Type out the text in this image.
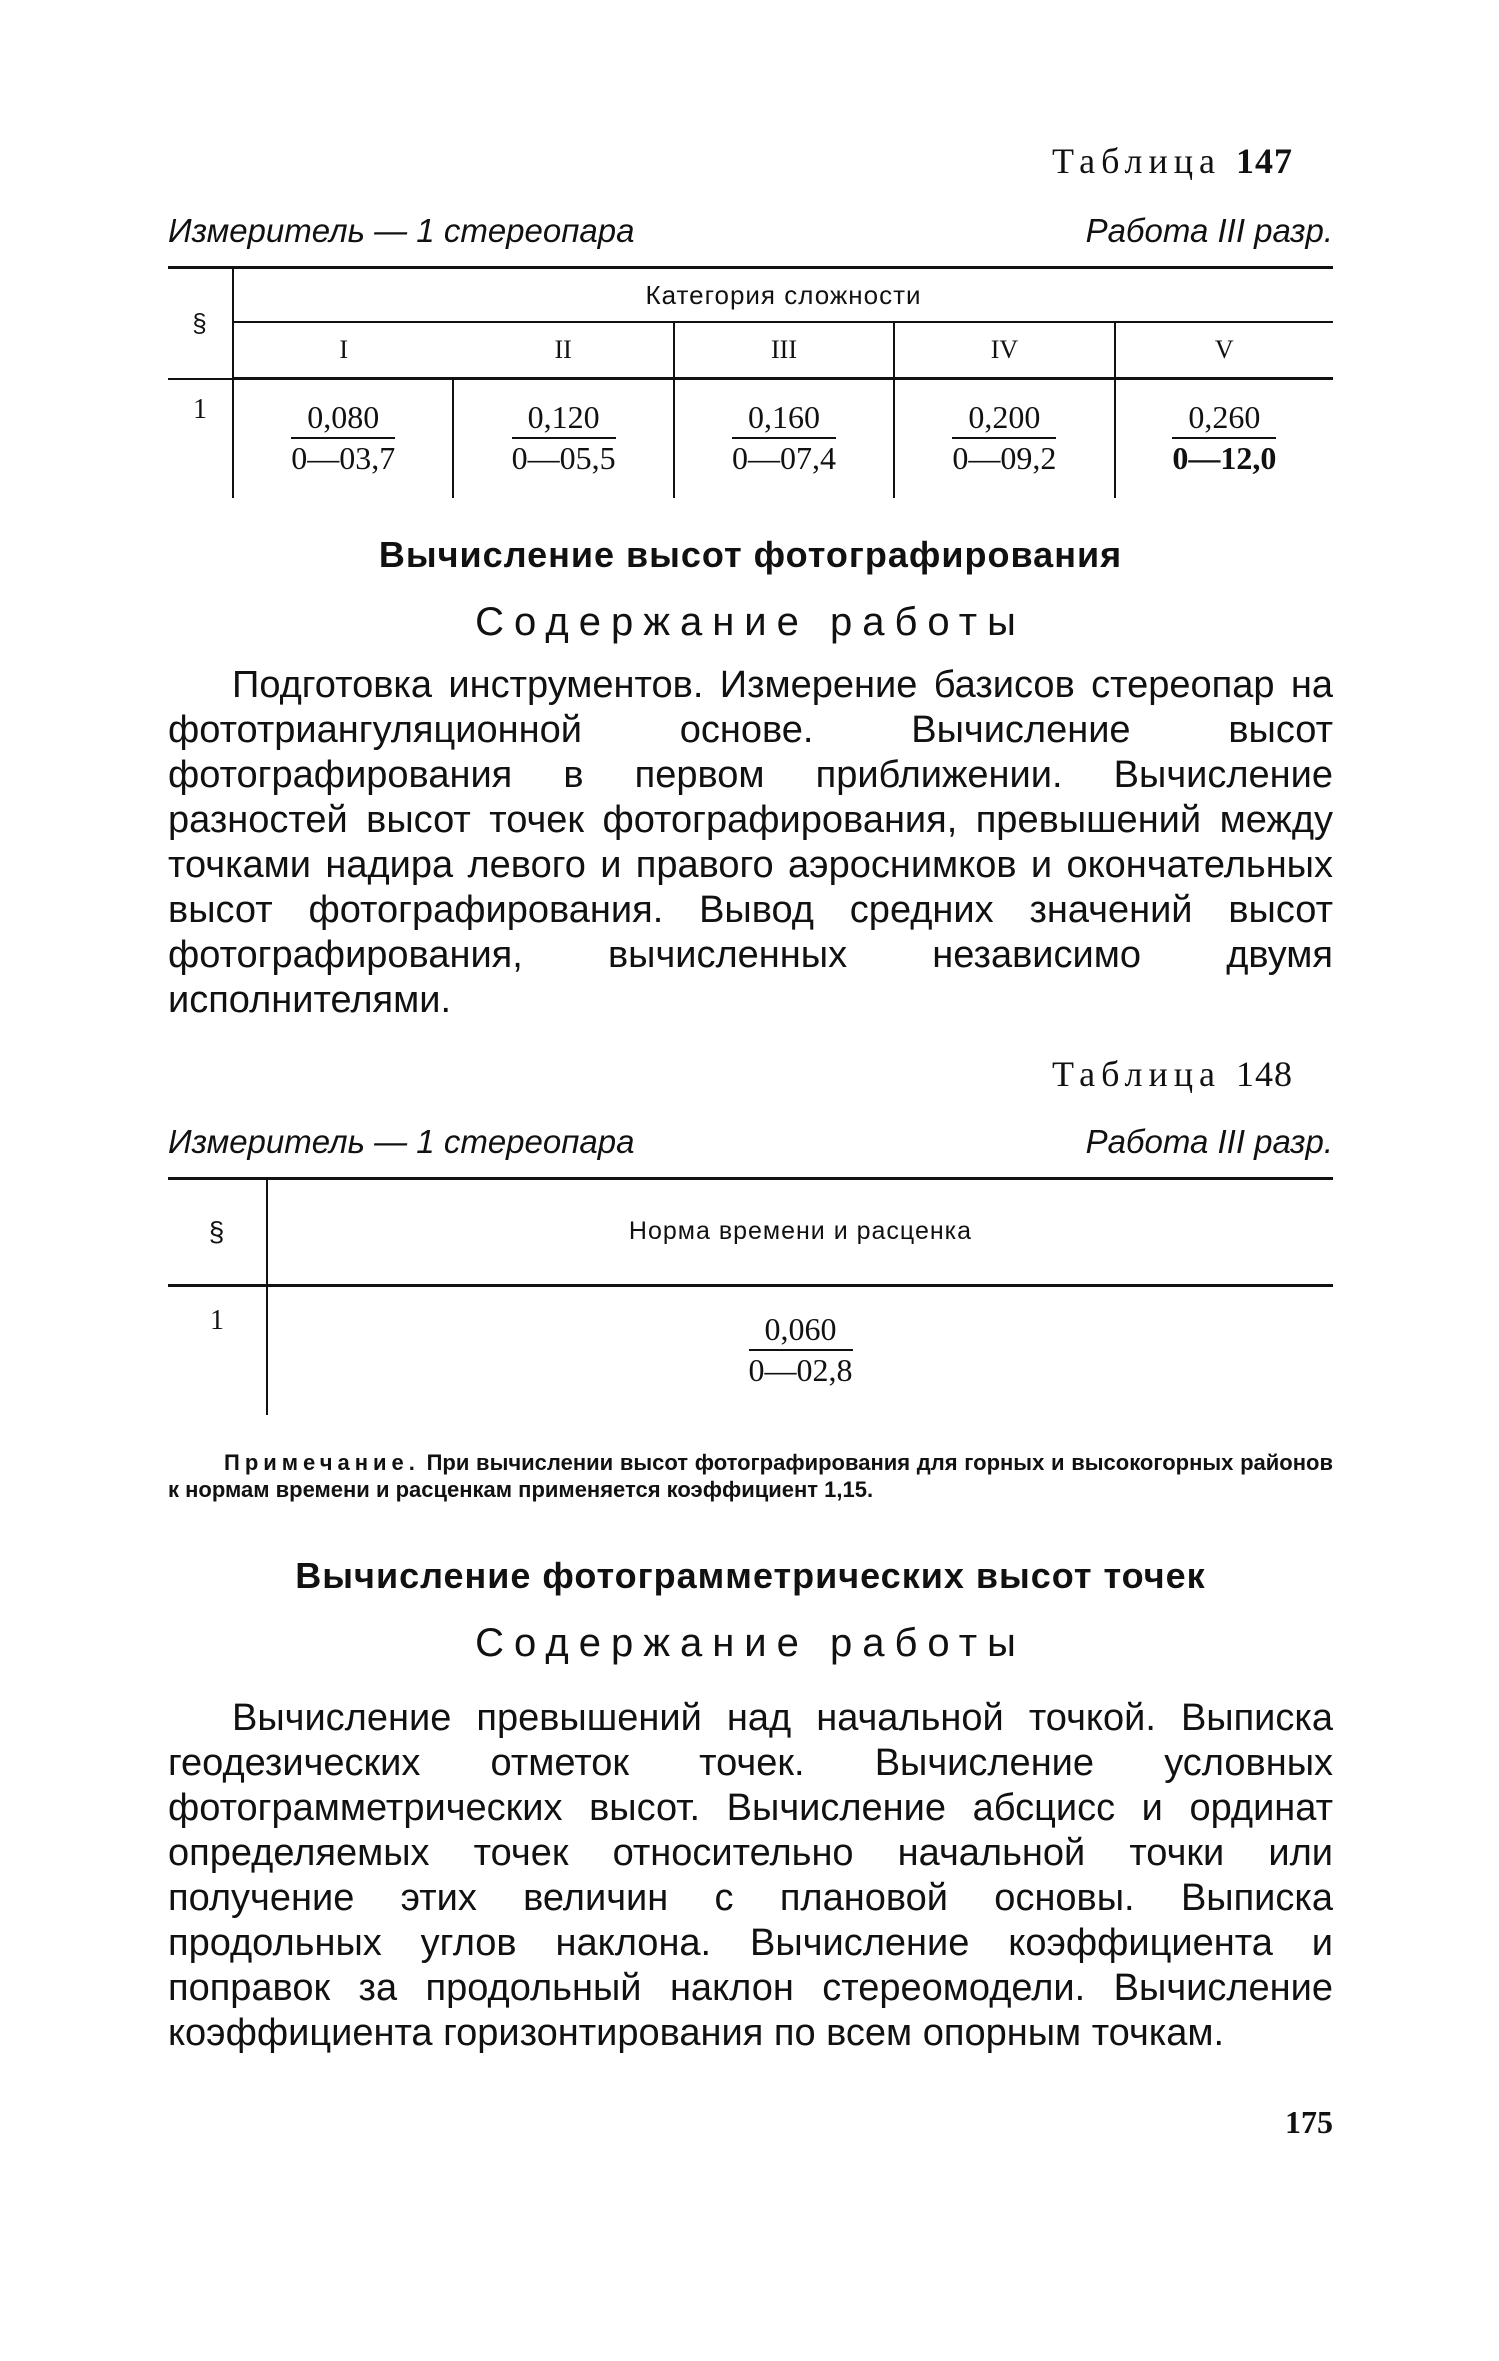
Таблица 147
Измеритель — 1 стереопара	Работа III разр.
§	Категория сложности				
	I	II	III	IV	V
1	$\frac{0,080}{0—03,7}$	$\frac{0,120}{0—05,5}$	$\frac{0,160}{0—07,4}$	$\frac{0,200}{0—09,2}$	$\frac{0,260}{0—12,0}$
Вычисление высот фотографирования
Содержание работы

Подготовка инструментов. Измерение базисов стереопар на фототриангуляционной основе. Вычисление высот фотографирования в первом приближении. Вычисление разностей высот точек фотографирования, превышений между точками надира левого и правого аэроснимков и окончательных высот фотографирования. Вывод средних значений высот фотографирования, вычисленных независимо двумя исполнителями.

Таблица 148
Измеритель — 1 стереопара	Работа III разр.
§	Норма времени и расценка
1	$\frac{0,060}{0—02,8}$

Примечание. При вычислении высот фотографирования для горных и высокогорных районов к нормам времени и расценкам применяется коэффициент 1,15.

Вычисление фотограмметрических высот точек
Содержание работы

Вычисление превышений над начальной точкой. Выписка геодезических отметок точек. Вычисление условных фотограмметрических высот. Вычисление абсцисс и ординат определяемых точек относительно начальной точки или получение этих величин с плановой основы. Выписка продольных углов наклона. Вычисление коэффициента и поправок за продольный наклон стереомодели. Вычисление коэффициента горизонтирования по всем опорным точкам.

175
